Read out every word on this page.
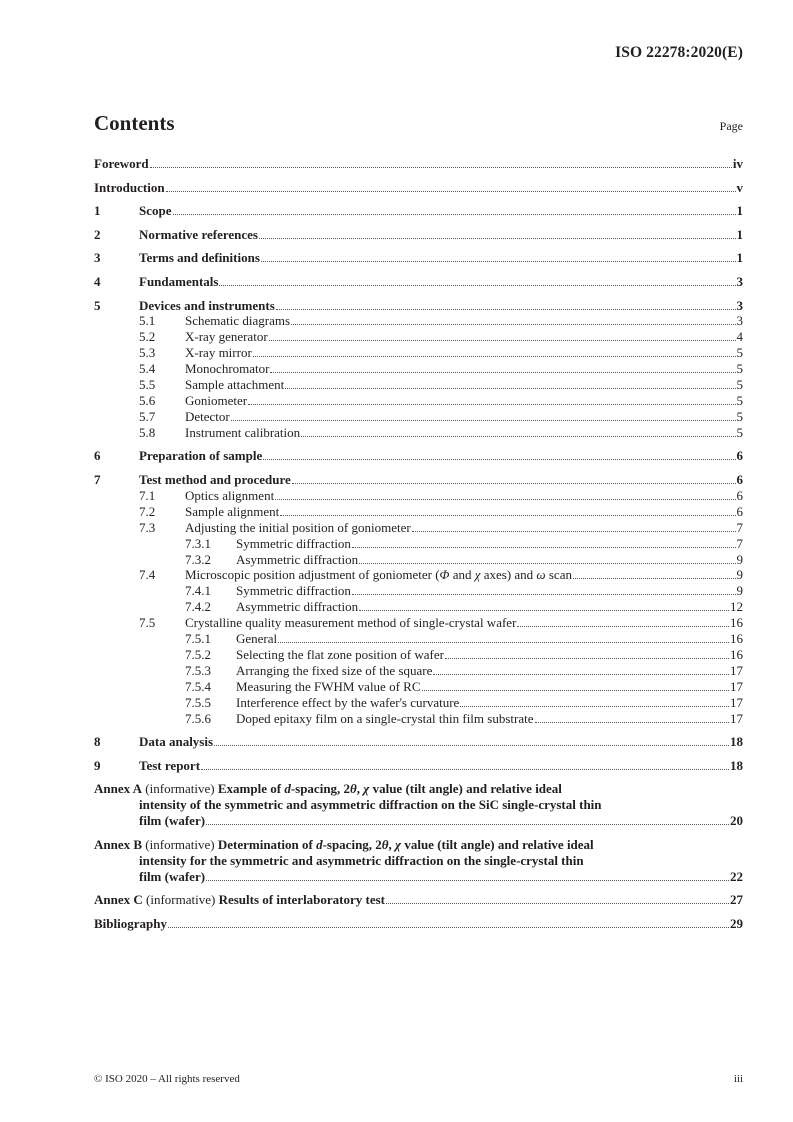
ISO 22278:2020(E)
Contents	Page
Foreword	iv
Introduction	v
1	Scope	1
2	Normative references	1
3	Terms and definitions	1
4	Fundamentals	3
5	Devices and instruments	3
5.1	Schematic diagrams	3
5.2	X-ray generator	4
5.3	X-ray mirror	5
5.4	Monochromator	5
5.5	Sample attachment	5
5.6	Goniometer	5
5.7	Detector	5
5.8	Instrument calibration	5
6	Preparation of sample	6
7	Test method and procedure	6
7.1	Optics alignment	6
7.2	Sample alignment	6
7.3	Adjusting the initial position of goniometer	7
7.3.1	Symmetric diffraction	7
7.3.2	Asymmetric diffraction	9
7.4	Microscopic position adjustment of goniometer (Φ and χ axes) and ω scan	9
7.4.1	Symmetric diffraction	9
7.4.2	Asymmetric diffraction	12
7.5	Crystalline quality measurement method of single-crystal wafer	16
7.5.1	General	16
7.5.2	Selecting the flat zone position of wafer	16
7.5.3	Arranging the fixed size of the square	17
7.5.4	Measuring the FWHM value of RC	17
7.5.5	Interference effect by the wafer's curvature	17
7.5.6	Doped epitaxy film on a single-crystal thin film substrate	17
8	Data analysis	18
9	Test report	18
Annex A
(informative)
Example of d-spacing, 2θ, χ value (tilt angle) and relative ideal
intensity of the symmetric and asymmetric diffraction on the SiC single-crystal thin
film (wafer)	20
Annex B
(informative)
Determination of d-spacing, 2θ, χ value (tilt angle) and relative ideal
intensity for the symmetric and asymmetric diffraction on the single-crystal thin
film (wafer)	22
Annex C
(informative)
Results of interlaboratory test	27
Bibliography	29
© ISO 2020 – All rights reserved	iii
